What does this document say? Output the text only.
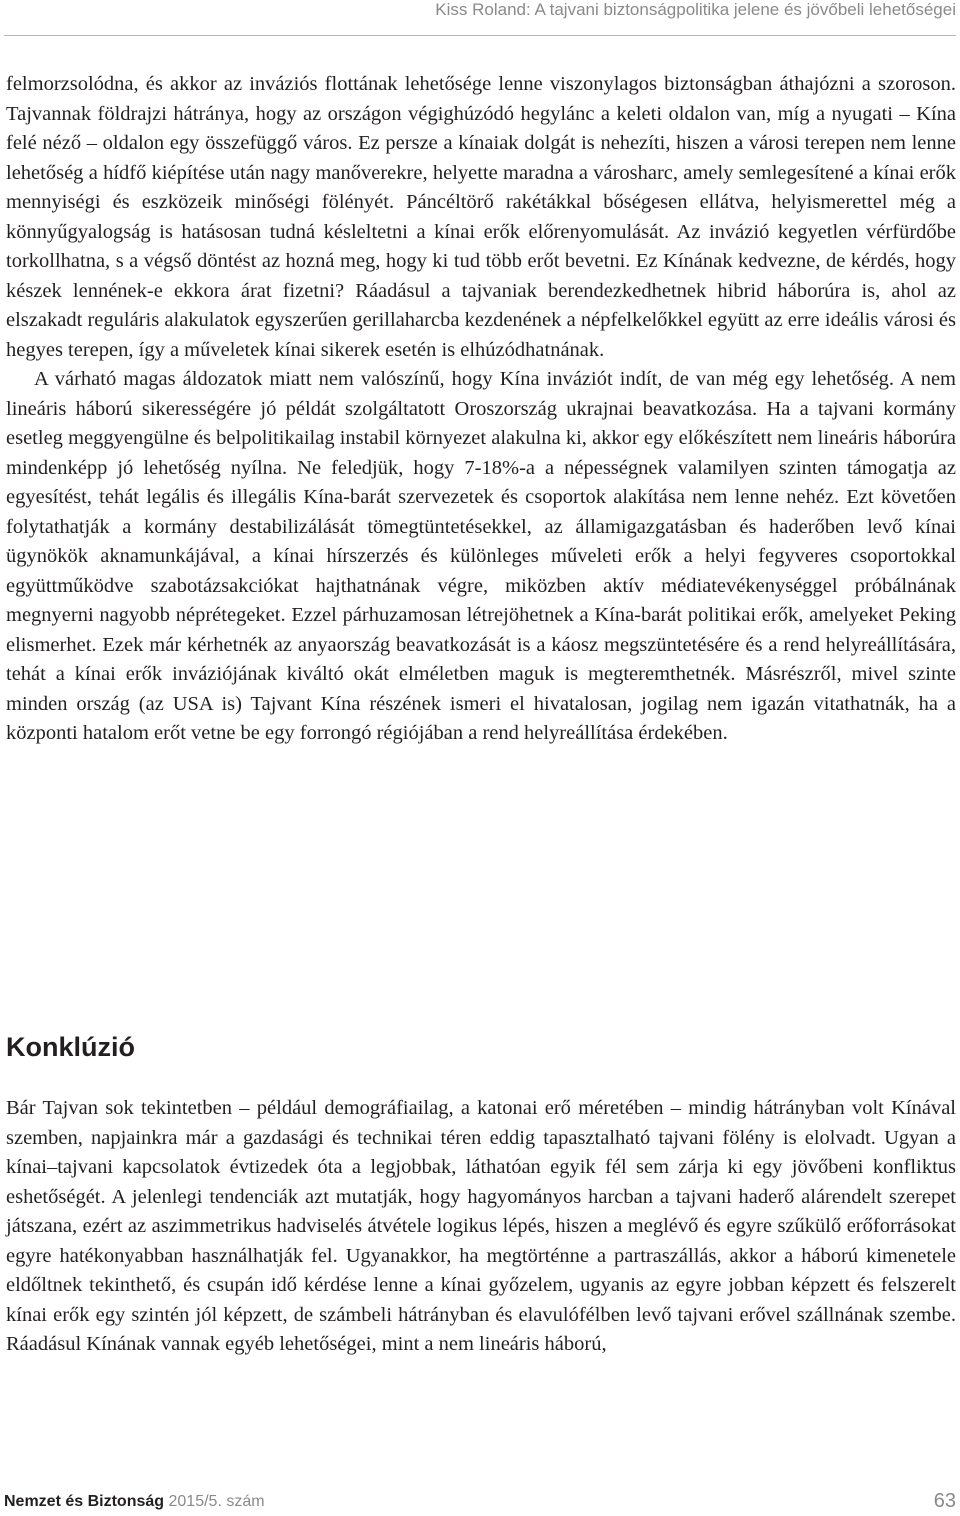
Kiss Roland: A tajvani biztonságpolitika jelene és jövőbeli lehetőségei

felmorzsolódna, és akkor az inváziós flottának lehetősége lenne viszonylagos biztonságban áthajózni a szoroson. Tajvannak földrajzi hátránya, hogy az országon végighúzódó hegylánc a keleti oldalon van, míg a nyugati – Kína felé néző – oldalon egy összefüggő város. Ez persze a kínaiak dolgát is nehezíti, hiszen a városi terepen nem lenne lehetőség a hídfő kiépítése után nagy manőverekre, helyette maradna a városharc, amely semlegesítené a kínai erők mennyiségi és eszközeik minőségi fölényét. Páncéltörő rakétákkal bőségesen ellátva, helyismerettel még a könnyűgyalogság is hatásosan tudná késleltetni a kínai erők előrenyomulását. Az invázió kegyetlen vérfürdőbe torkollhatna, s a végső döntést az hozná meg, hogy ki tud több erőt bevetni. Ez Kínának kedvezne, de kérdés, hogy készek lennének-e ekkora árat fizetni? Ráadásul a tajvaniak berendezkedhetnek hibrid háborúra is, ahol az elszakadt reguláris alakulatok egyszerűen gerillaharcba kezdenének a népfelkelőkkel együtt az erre ideális városi és hegyes terepen, így a műveletek kínai sikerek esetén is elhúzódhatnának.

A várható magas áldozatok miatt nem valószínű, hogy Kína inváziót indít, de van még egy lehetőség. A nem lineáris háború sikerességére jó példát szolgáltatott Oroszország ukrajnai beavatkozása. Ha a tajvani kormány esetleg meggyengülne és belpolitikailag instabil környezet alakulna ki, akkor egy előkészített nem lineáris háborúra mindenképp jó lehetőség nyílna. Ne feledjük, hogy 7-18%-a a népességnek valamilyen szinten támogatja az egyesítést, tehát legális és illegális Kína-barát szervezetek és csoportok alakítása nem lenne nehéz. Ezt követően folytathatják a kormány destabilizálását tömegtüntetésekkel, az államigazgatásban és haderőben levő kínai ügynökök aknamunkájával, a kínai hírszerzés és különleges műveleti erők a helyi fegyveres csoportokkal együttműködve szabotázsakciókat hajthatnának végre, miközben aktív médiatevékenységgel próbálnának megnyerni nagyobb néprétegeket. Ezzel párhuzamosan létrejöhetnek a Kína-barát politikai erők, amelyeket Peking elismerhet. Ezek már kérhetnék az anyaország beavatkozását is a káosz megszüntetésére és a rend helyreállítására, tehát a kínai erők inváziójának kiváltó okát elméletben maguk is megteremthetnék. Másrészről, mivel szinte minden ország (az USA is) Tajvant Kína részének ismeri el hivatalosan, jogilag nem igazán vitathatnák, ha a központi hatalom erőt vetne be egy forrongó régiójában a rend helyreállítása érdekében.

Konklúzió

Bár Tajvan sok tekintetben – például demográfiailag, a katonai erő méretében – mindig hátrányban volt Kínával szemben, napjainkra már a gazdasági és technikai téren eddig tapasztalható tajvani fölény is elolvadt. Ugyan a kínai–tajvani kapcsolatok évtizedek óta a legjobbak, láthatóan egyik fél sem zárja ki egy jövőbeni konfliktus eshetőségét. A jelenlegi tendenciák azt mutatják, hogy hagyományos harcban a tajvani haderő alárendelt szerepet játszana, ezért az aszimmetrikus hadviselés átvétele logikus lépés, hiszen a meglévő és egyre szűkülő erőforrásokat egyre hatékonyabban használhatják fel. Ugyanakkor, ha megtörténne a partraszállás, akkor a háború kimenetele eldőltnek tekinthető, és csupán idő kérdése lenne a kínai győzelem, ugyanis az egyre jobban képzett és felszerelt kínai erők egy szintén jól képzett, de számbeli hátrányban és elavulófélben levő tajvani erővel szállnának szembe. Ráadásul Kínának vannak egyéb lehetőségei, mint a nem lineáris háború,

Nemzet és Biztonság 2015/5. szám	63
